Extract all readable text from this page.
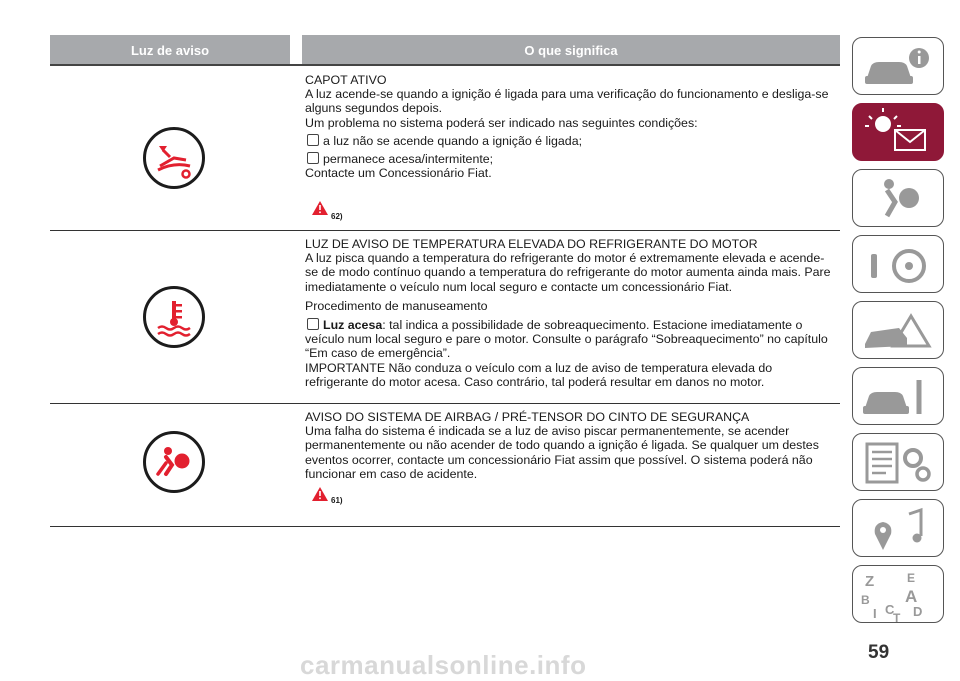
Luz de aviso	O que significa

CAPOT ATIVO

A luz acende-se quando a ignição é ligada para uma verificação do funcionamento e desliga-se alguns segundos depois.

Um problema no sistema poderá ser indicado nas seguintes condições:

a luz não se acende quando a ignição é ligada;

permanece acesa/intermitente;

Contacte um Concessionário Fiat.

62)

LUZ DE AVISO DE TEMPERATURA ELEVADA DO REFRIGERANTE DO MOTOR

A luz pisca quando a temperatura do refrigerante do motor é extremamente elevada e acende-se de modo contínuo quando a temperatura do refrigerante do motor aumenta ainda mais. Pare imediatamente o veículo num local seguro e contacte um concessionário Fiat.

Procedimento de manuseamento

Luz acesa: tal indica a possibilidade de sobreaquecimento. Estacione imediatamente o veículo num local seguro e pare o motor. Consulte o parágrafo “Sobreaquecimento” no capítulo “Em caso de emergência”.

IMPORTANTE Não conduza o veículo com a luz de aviso de temperatura elevada do refrigerante do motor acesa. Caso contrário, tal poderá resultar em danos no motor.

AVISO DO SISTEMA DE AIRBAG / PRÉ-TENSOR DO CINTO DE SEGURANÇA

Uma falha do sistema é indicada se a luz de aviso piscar permanentemente, se acender permanentemente ou não acender de todo quando a ignição é ligada. Se qualquer um destes eventos ocorrer, contacte um concessionário Fiat assim que possível. O sistema poderá não funcionar em caso de acidente.

61)
Z	E
B A
C D
I T
carmanualsonline.info	59
